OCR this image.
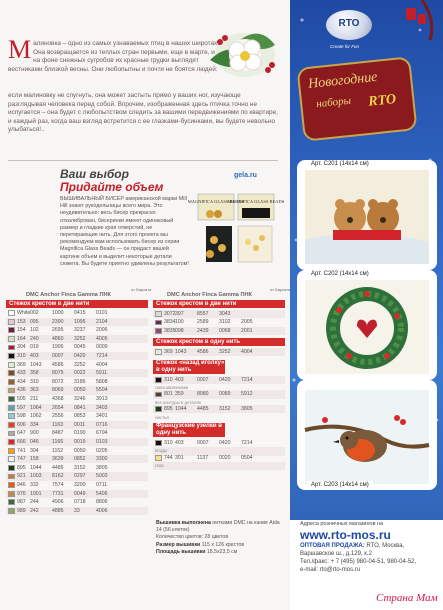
М алиновка – одно из самых узнаваемых птиц в наших широтах. Она возвращается из теплых стран первыми, еще в марте, и на фоне снежных сугробов их красные грудки выглядят вестниками близкой весны. Они любопытны и почти не боятся людей:
если малиновку не спугнуть, она может застыть прямо у ваших ног, изучающе разглядывая человека перед собой. Впрочем, изображенная здесь птичка точно не испугается – она будет с любопытством следить за вашими передвижениями по квартире, и каждый раз, когда ваш взгляд встретится с ее глазками-бусинками, вы будете невольно улыбаться!..
Ваш выбор
Придайте объем
gela.ru
ВЫШИВАЛЬНЫЙ БИСЕР американской марки Mill Hill знают рукодельницы всего мира. Это неудивительно: весь бисер прекрасно откалиброван, бисеринки имеют одинаковый размер и гладкие края отверстий, не перетирающие нить. Для этого проекта мы рекомендуем вам использовать бисер из серии Magnifica Glass Beads — он придаст вашей картине объем и выделит некоторые детали сюжета. Вы будете приятно удивлены результатом!
MAGNIFICA GLASS BEADS
MAGNIFICA GLASS BEADS
DMC Anchor Finca Gamma ПНК
от Бархата
Стежок крестом в две нити
White 002	1000 0415 0101
153 095	2390 1095 2104
154 102	2695 3237 2006
164 240	4860 3252 4005
304 019	1906 0045 0009
310 403	0007 0420 7214
369 1043 4586 3252 4004
433 358	8075 0022 5911
434 310	8072 3186 5808
436 363	8069 0050 5504
505 211	4368 3246 3913
597 1064 2654 0841 3403
598 1062 2556 0853 3401
606 334	1163 0011 0716
647 900	8487 0190 6704
666 046	1166 0019 0103
741 304	1152 0050 0205
747 158	3639 0852 3300
895 1044 4485 3152 3805
921 1003 8162 0297 5003
946 332	7574 3200 0711
976 1001 7731 0049 5406
987 244	4906 0718 8806
989 242	4885 33	4006
DMC Anchor Finca Gamma ПНК
от Бархата
Стежок крестом в две нити
3072 397	8557 3043
3834 100	2589 3102 2005
3835 098	2439 0068 2001
Стежок крестом в одну нить
369 1043 4586 3252 4004
Стежок «назад иголку» в одну нить
310 403	0007 0420 7214
лапа малиновки
801 359	8080 0089 5912
все контуры в деталях
895 1044 4485 3152 3805
листья
Французские узелки в одну нить
310 403	0007 0420 7214
ягоды
744 301	1137 0020 0504
глаз
Вышивка выполнена нитками DMC на канве Aida 14 (56 клеток)
Количество цветов: 28 цветов
Размер вышивки 115 x 126 крестов
Площадь вышивки 18,5x23,5 см
RTO
Create for Fun
Новогодние
наборы RTO
Арт. C201 (14x14 см)
Арт. C202 (14x14 см)
Арт. C203 (14x14 см)
Адреса розничных магазинов на
www.rto-mos.ru
ОПТОВАЯ ПРОДАЖА: RTO, Москва, Варшавское ш., д.129, к.2
Тел./факс: + 7 (495) 980-04-51, 980-04-52,
e-mail: rto@rto-mos.ru
Страна Мам
